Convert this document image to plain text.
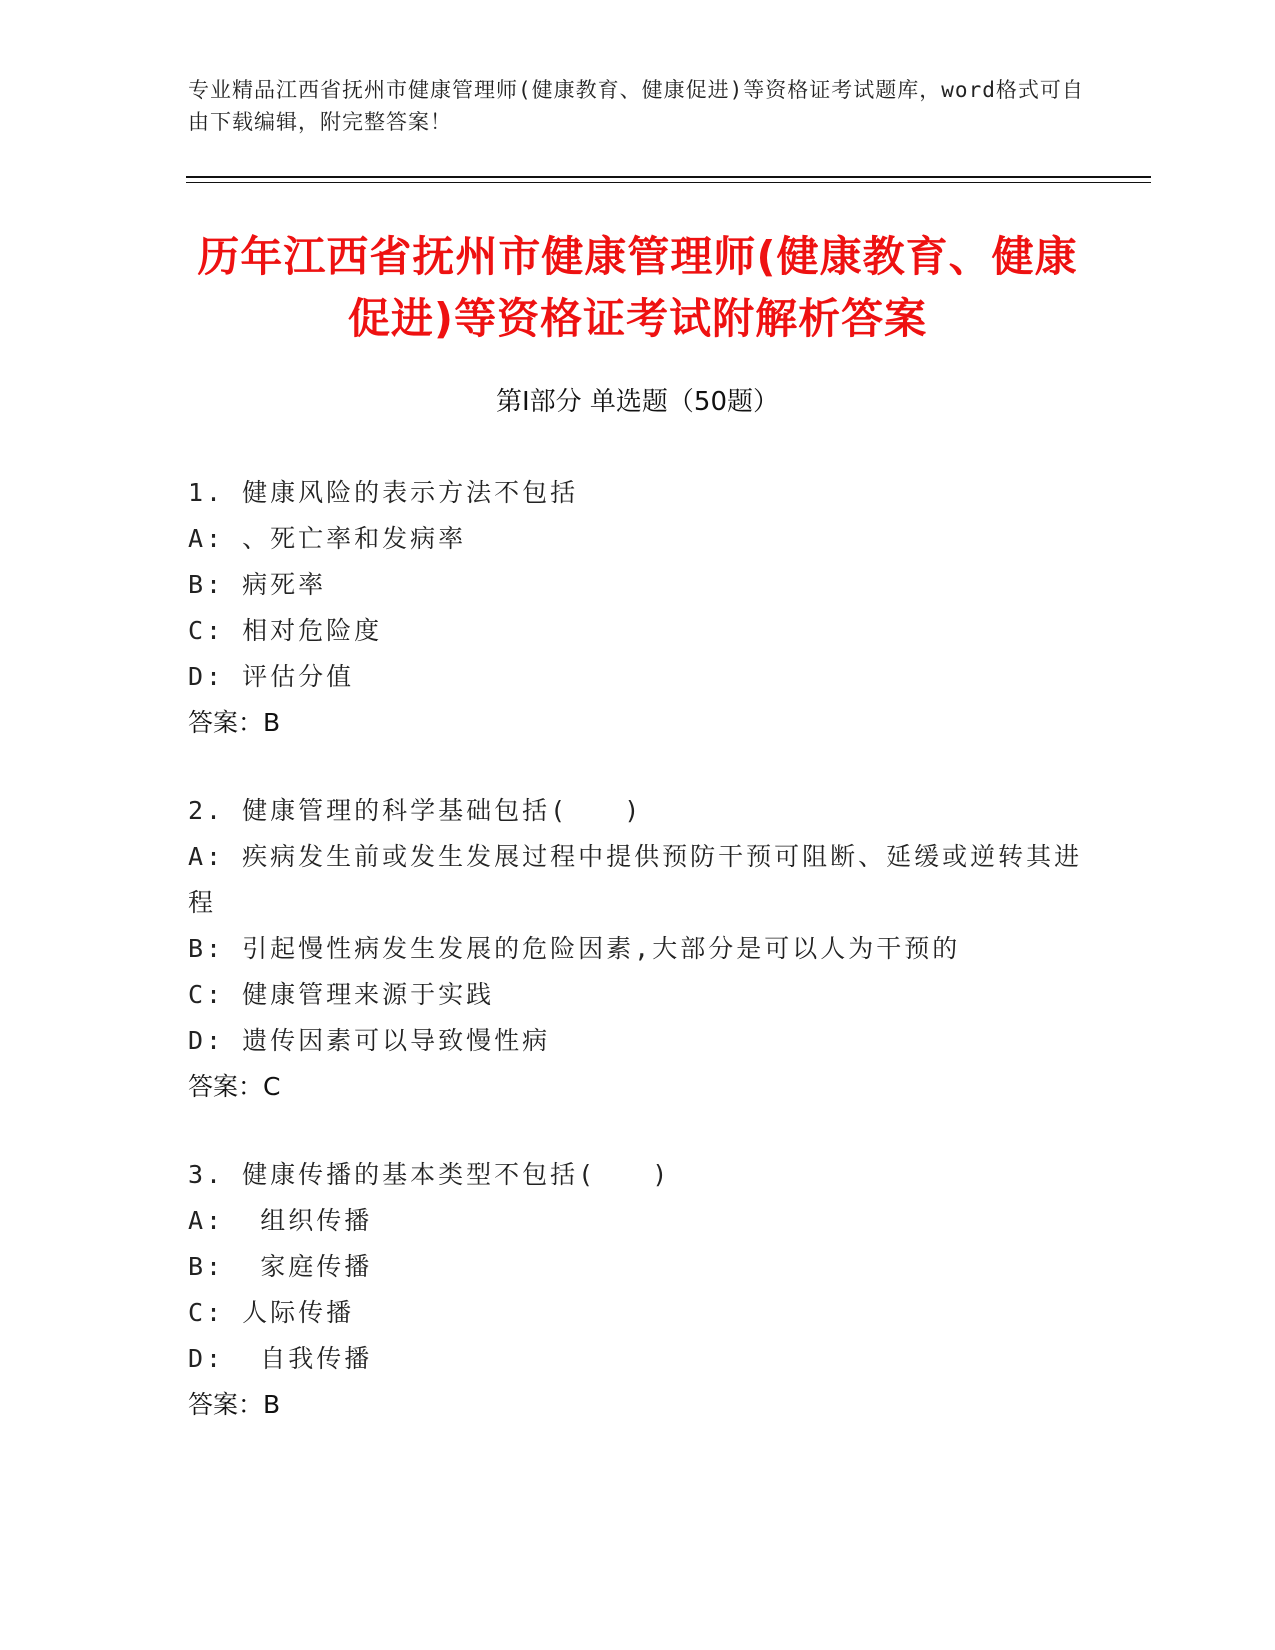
专业精品江西省抚州市健康管理师(健康教育、健康促进)等资格证考试题库，word格式可自由下载编辑，附完整答案！
历年江西省抚州市健康管理师(健康教育、健康促进)等资格证考试附解析答案
第Ⅰ部分 单选题（50题）
1. 健康风险的表示方法不包括
A: 、死亡率和发病率
B: 病死率
C: 相对危险度
D: 评估分值
答案：B
2. 健康管理的科学基础包括(　　)
A: 疾病发生前或发生发展过程中提供预防干预可阻断、延缓或逆转其进程
B: 引起慢性病发生发展的危险因素,大部分是可以人为干预的
C: 健康管理来源于实践
D: 遗传因素可以导致慢性病
答案：C
3. 健康传播的基本类型不包括(　　)
A:  组织传播
B:  家庭传播
C: 人际传播
D:  自我传播
答案：B
